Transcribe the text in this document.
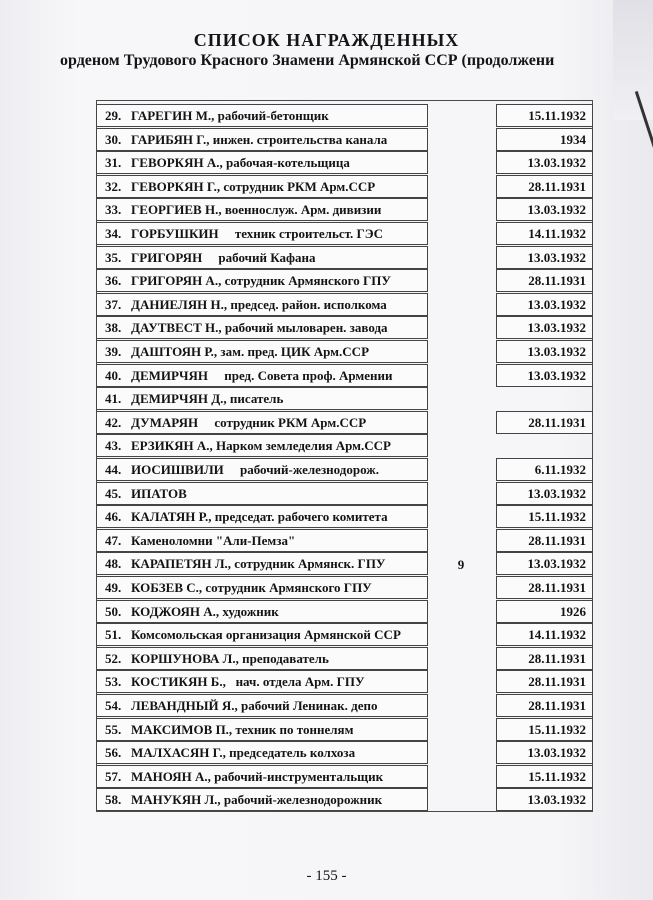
СПИСОК НАГРАЖДЕННЫХ
орденом Трудового Красного Знамени Армянской ССР (продолжени
29. ГАРЕГИН М., рабочий-бетонщик	15.11.1932
30. ГАРИБЯН Г., инжен. строительства канала	1934
31. ГЕВОРКЯН А., рабочая-котельщица	13.03.1932
32. ГЕВОРКЯН Г., сотрудник РКМ Арм.ССР	28.11.1931
33. ГЕОРГИЕВ Н., военнослуж. Арм. дивизии	13.03.1932
34. ГОРБУШКИН     техник строительст. ГЭС	14.11.1932
35. ГРИГОРЯН     рабочий Кафана	13.03.1932
36. ГРИГОРЯН А., сотрудник Армянского ГПУ	28.11.1931
37. ДАНИЕЛЯН Н., председ. район. исполкома	13.03.1932
38. ДАУТВЕСТ Н., рабочий мыловарен. завода	13.03.1932
39. ДАШТОЯН Р., зам. пред. ЦИК Арм.ССР	13.03.1932
40. ДЕМИРЧЯН     пред. Совета проф. Армении	13.03.1932
41. ДЕМИРЧЯН Д., писатель
42. ДУМАРЯН     сотрудник РКМ Арм.ССР	28.11.1931
43. ЕРЗИКЯН А., Нарком земледелия Арм.ССР
44. ИОСИШВИЛИ     рабочий-железнодорож.	6.11.1932
45. ИПАТОВ	13.03.1932
46. КАЛАТЯН Р., председат. рабочего комитета	15.11.1932
47. Каменоломни "Али-Пемза"	28.11.1931
48. КАРАПЕТЯН Л., сотрудник Армянск. ГПУ	9	13.03.1932
49. КОБЗЕВ С., сотрудник Армянского ГПУ	28.11.1931
50. КОДЖОЯН А., художник	1926
51. Комсомольская организация Армянской ССР	14.11.1932
52. КОРШУНОВА Л., преподаватель	28.11.1931
53. КОСТИКЯН Б.,   нач. отдела Арм. ГПУ	28.11.1931
54. ЛЕВАНДНЫЙ Я., рабочий Ленинак. депо	28.11.1931
55. МАКСИМОВ П., техник по тоннелям	15.11.1932
56. МАЛХАСЯН Г., председатель колхоза	13.03.1932
57. МАНОЯН А., рабочий-инструментальщик	15.11.1932
58. МАНУКЯН Л., рабочий-железнодорожник	13.03.1932
- 155 -
